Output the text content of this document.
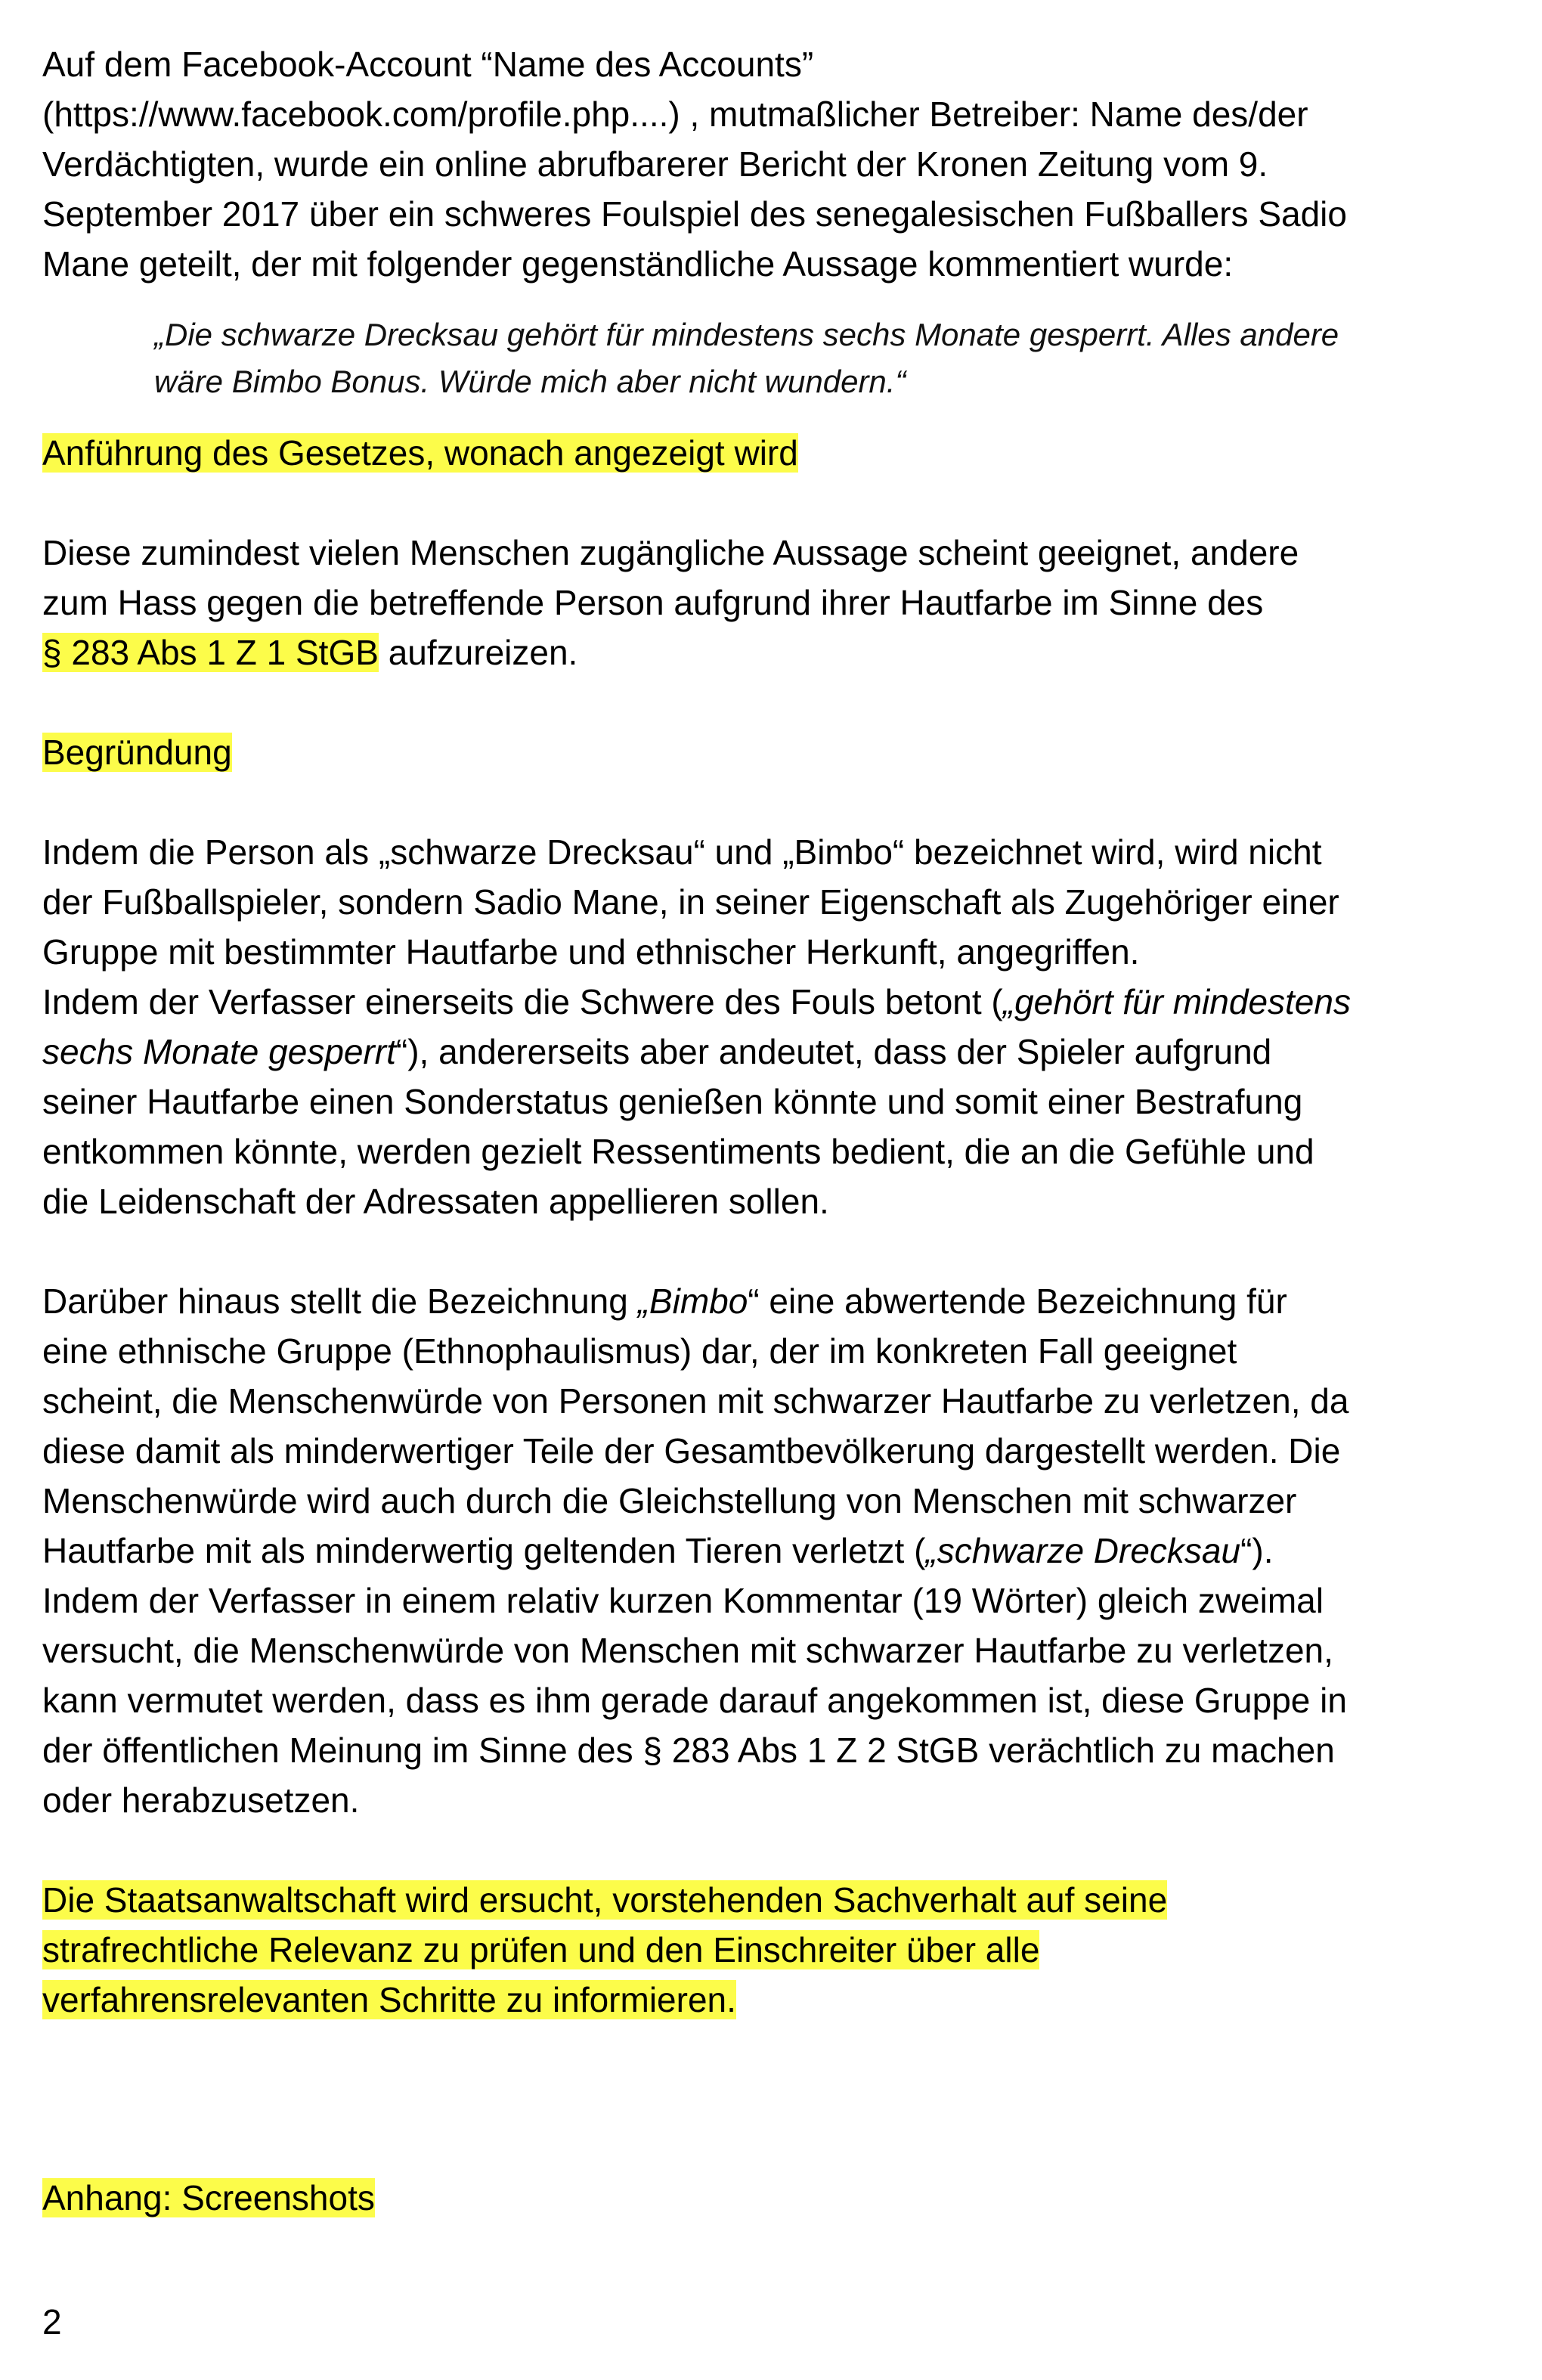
Auf dem Facebook-Account “Name des Accounts”
(https://www.facebook.com/profile.php....) , mutmaßlicher Betreiber: Name des/der
Verdächtigten, wurde ein online abrufbarerer Bericht der Kronen Zeitung vom 9.
September 2017 über ein schweres Foulspiel des senegalesischen Fußballers Sadio
Mane geteilt, der mit folgender gegenständliche Aussage kommentiert wurde:
„Die schwarze Drecksau gehört für mindestens sechs Monate gesperrt. Alles andere
wäre Bimbo Bonus. Würde mich aber nicht wundern.“
Anführung des Gesetzes, wonach angezeigt wird
Diese zumindest vielen Menschen zugängliche Aussage scheint geeignet, andere
zum Hass gegen die betreffende Person aufgrund ihrer Hautfarbe im Sinne des
§ 283 Abs 1 Z 1 StGB aufzureizen.
Begründung
Indem die Person als „schwarze Drecksau“ und „Bimbo“ bezeichnet wird, wird nicht
der Fußballspieler, sondern Sadio Mane, in seiner Eigenschaft als Zugehöriger einer
Gruppe mit bestimmter Hautfarbe und ethnischer Herkunft, angegriffen.
Indem der Verfasser einerseits die Schwere des Fouls betont („gehört für mindestens
sechs Monate gesperrt“), andererseits aber andeutet, dass der Spieler aufgrund
seiner Hautfarbe einen Sonderstatus genießen könnte und somit einer Bestrafung
entkommen könnte, werden gezielt Ressentiments bedient, die an die Gefühle und
die Leidenschaft der Adressaten appellieren sollen.
Darüber hinaus stellt die Bezeichnung „Bimbo“ eine abwertende Bezeichnung für
eine ethnische Gruppe (Ethnophaulismus) dar, der im konkreten Fall geeignet
scheint, die Menschenwürde von Personen mit schwarzer Hautfarbe zu verletzen, da
diese damit als minderwertiger Teile der Gesamtbevölkerung dargestellt werden. Die
Menschenwürde wird auch durch die Gleichstellung von Menschen mit schwarzer
Hautfarbe mit als minderwertig geltenden Tieren verletzt („schwarze Drecksau“).
Indem der Verfasser in einem relativ kurzen Kommentar (19 Wörter) gleich zweimal
versucht, die Menschenwürde von Menschen mit schwarzer Hautfarbe zu verletzen,
kann vermutet werden, dass es ihm gerade darauf angekommen ist, diese Gruppe in
der öffentlichen Meinung im Sinne des § 283 Abs 1 Z 2 StGB verächtlich zu machen
oder herabzusetzen.
Die Staatsanwaltschaft wird ersucht, vorstehenden Sachverhalt auf seine
strafrechtliche Relevanz zu prüfen und den Einschreiter über alle
verfahrensrelevanten Schritte zu informieren.
Anhang: Screenshots
2
